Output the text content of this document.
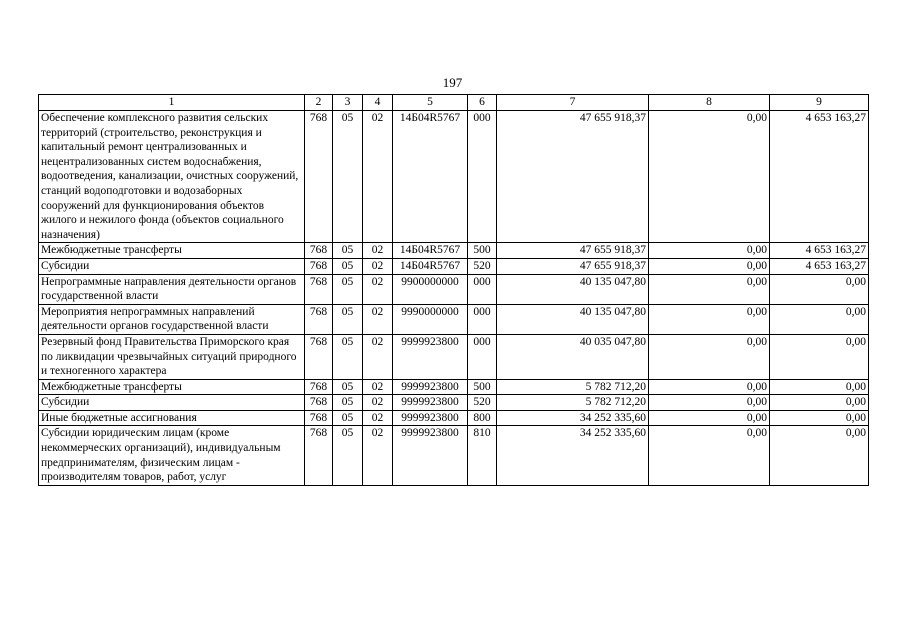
197
1	2	3	4	5	6	7	8	9
Обеспечение комплексного развития сельских территорий (строительство, реконструкция и капитальный ремонт централизованных и нецентрализованных систем водоснабжения, водоотведения, канализации, очистных сооружений, станций водоподготовки и водозаборных сооружений для функционирования объектов жилого и нежилого фонда (объектов социального назначения)	768	05	02	14Б04R5767	000	47 655 918,37	0,00	4 653 163,27
Межбюджетные трансферты	768	05	02	14Б04R5767	500	47 655 918,37	0,00	4 653 163,27
Субсидии	768	05	02	14Б04R5767	520	47 655 918,37	0,00	4 653 163,27
Непрограммные направления деятельности органов государственной власти	768	05	02	9900000000	000	40 135 047,80	0,00	0,00
Мероприятия непрограммных направлений деятельности органов государственной власти	768	05	02	9990000000	000	40 135 047,80	0,00	0,00
Резервный фонд Правительства Приморского края по ликвидации чрезвычайных ситуаций природного и техногенного характера	768	05	02	9999923800	000	40 035 047,80	0,00	0,00
Межбюджетные трансферты	768	05	02	9999923800	500	5 782 712,20	0,00	0,00
Субсидии	768	05	02	9999923800	520	5 782 712,20	0,00	0,00
Иные бюджетные ассигнования	768	05	02	9999923800	800	34 252 335,60	0,00	0,00
Субсидии юридическим лицам (кроме некоммерческих организаций), индивидуальным предпринимателям, физическим лицам - производителям товаров, работ, услуг	768	05	02	9999923800	810	34 252 335,60	0,00	0,00
